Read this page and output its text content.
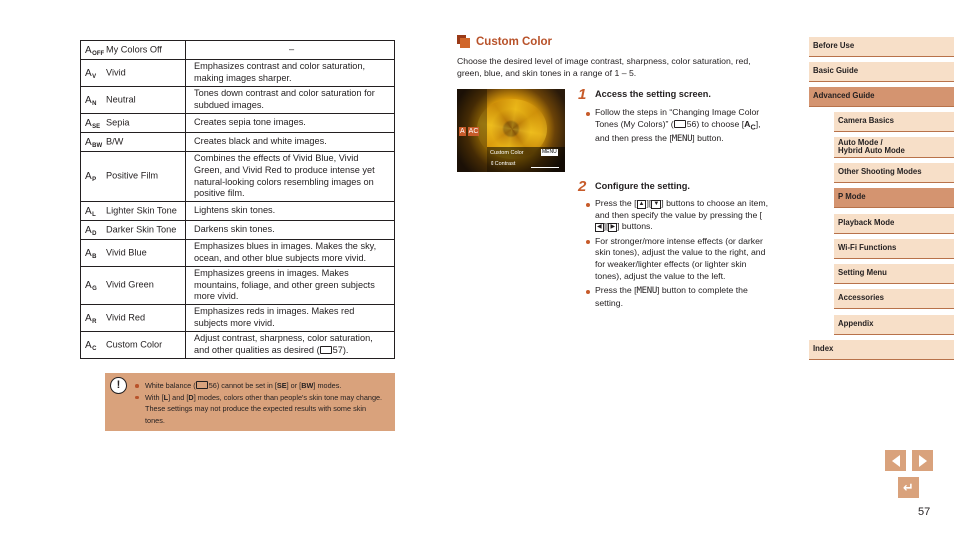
A OFF My Colors Off	–

A V Vivid	Emphasizes contrast and color saturation, making images sharper.

A N Neutral	Tones down contrast and color saturation for subdued images.

A SE Sepia	Creates sepia tone images.

A BW B/W	Creates black and white images.

A P Positive Film	Combines the effects of Vivid Blue, Vivid Green, and Vivid Red to produce intense yet natural-looking colors resembling images on positive film.

A L Lighter Skin Tone	Lightens skin tones.

A D Darker Skin Tone	Darkens skin tones.

A B Vivid Blue	Emphasizes blues in images. Makes the sky, ocean, and other blue subjects more vivid.

A G Vivid Green	Emphasizes greens in images. Makes mountains, foliage, and other green subjects more vivid.

A R Vivid Red	Emphasizes reds in images. Makes red subjects more vivid.

A C Custom Color	Adjust contrast, sharpness, color saturation, and other qualities as desired ( 57).
!	White balance ( 56) cannot be set in [SE] or [BW] modes.
With [L] and [D] modes, colors other than people's skin tone may change. These settings may not produce the expected results with some skin tones.
Custom Color
Choose the desired level of image contrast, sharpness, color saturation, red, green, blue, and skin tones in a range of 1 – 5.
A AC
Custom Color	MENU
⇕Contrast
1 Access the setting screen.
Follow the steps in “Changing Image Color Tones (My Colors)” ( 56) to choose $[A_C]$, and then press the [MENU] button.
2 Configure the setting.
Press the [ ▲ ][ ▼ ] buttons to choose an item, and then specify the value by pressing the [◀ ][ ▶ ] buttons.
For stronger/more intense effects (or darker skin tones), adjust the value to the right, and for weaker/lighter effects (or lighter skin tones), adjust the value to the left.
Press the [MENU] button to complete the setting.
Before Use
Basic Guide
Advanced Guide
Camera Basics
Auto Mode /
Hybrid Auto Mode
Other Shooting Modes
P Mode
Playback Mode
Wi-Fi Functions
Setting Menu
Accessories
Appendix
Index
↵
57
